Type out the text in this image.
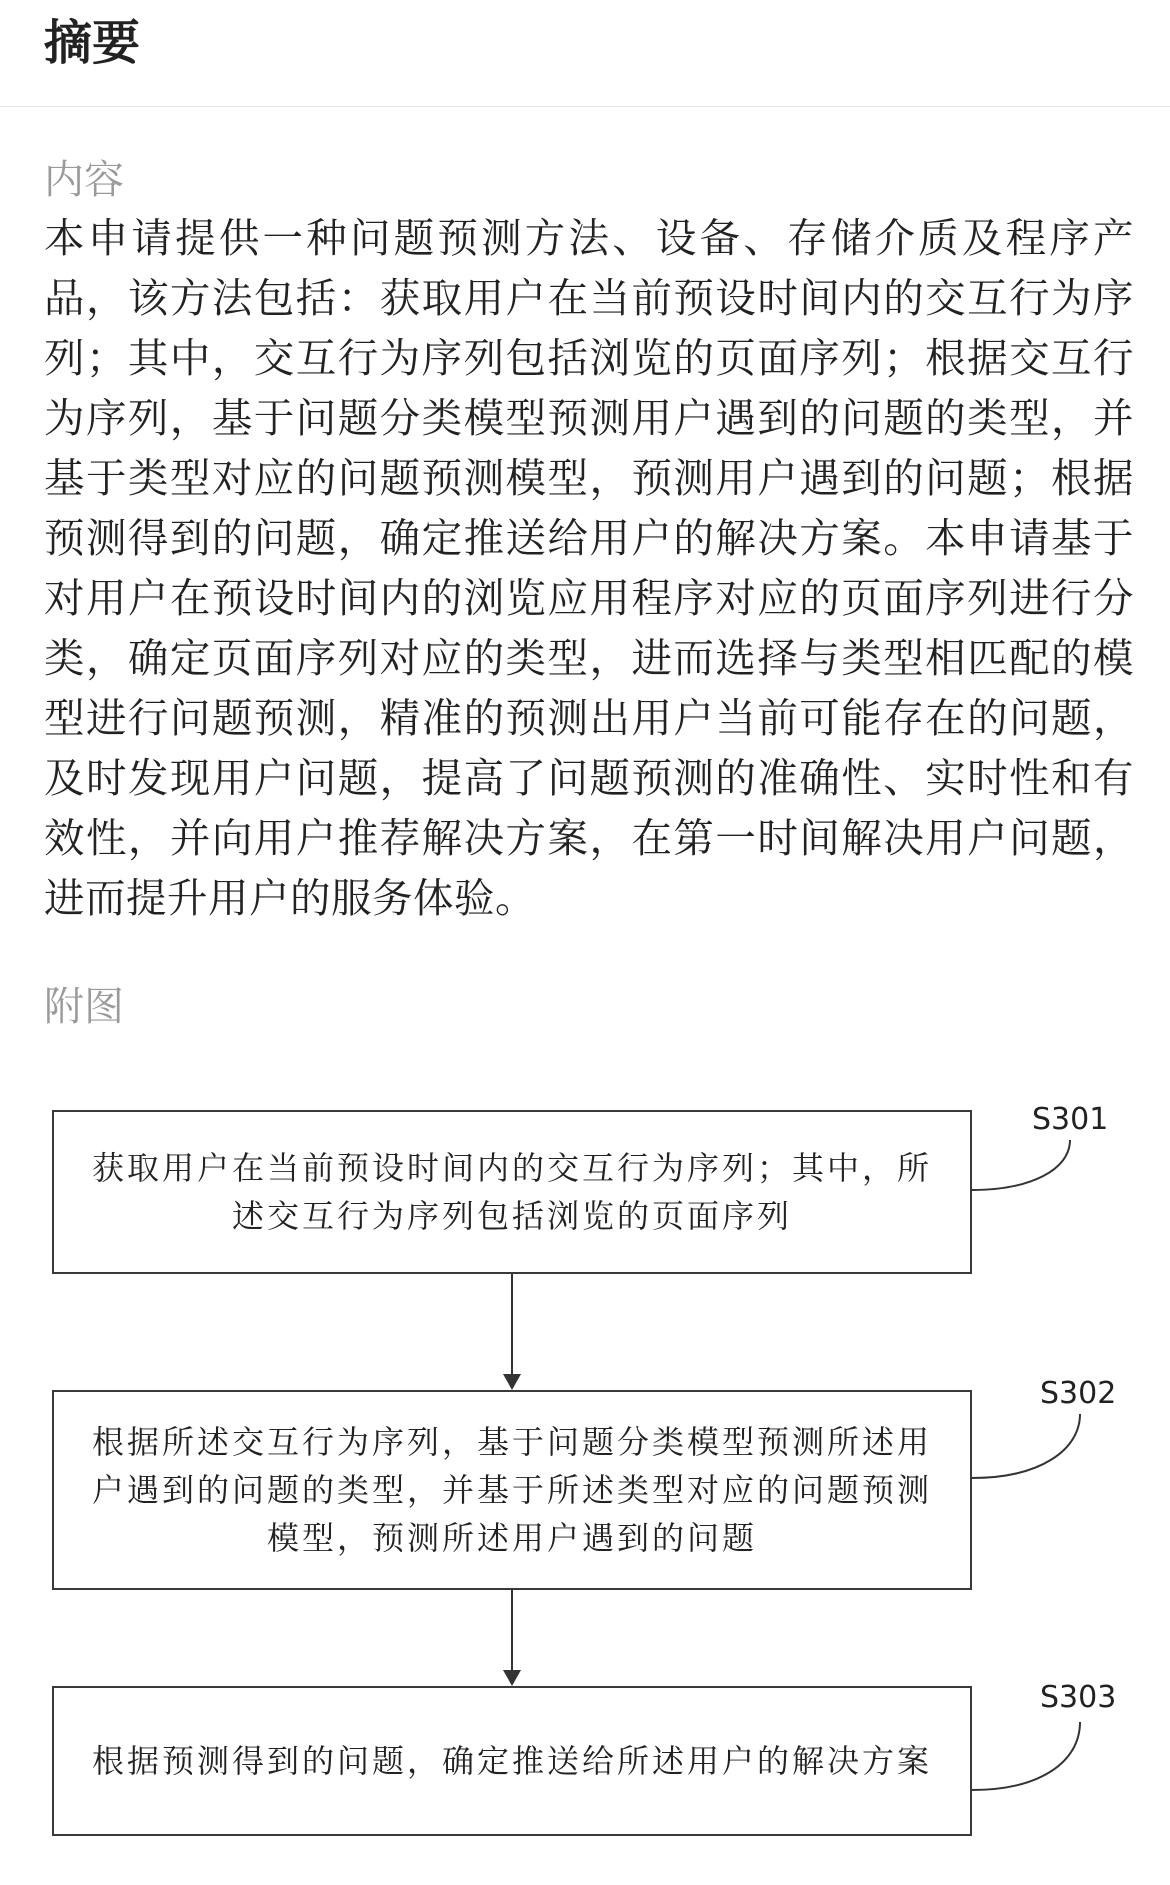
摘要
内容
本申请提供一种问题预测方法、设备、存储介质及程序产品，该方法包括：获取用户在当前预设时间内的交互行为序列；其中，交互行为序列包括浏览的页面序列；根据交互行为序列，基于问题分类模型预测用户遇到的问题的类型，并基于类型对应的问题预测模型，预测用户遇到的问题；根据预测得到的问题，确定推送给用户的解决方案。本申请基于对用户在预设时间内的浏览应用程序对应的页面序列进行分类，确定页面序列对应的类型，进而选择与类型相匹配的模型进行问题预测，精准的预测出用户当前可能存在的问题，及时发现用户问题，提高了问题预测的准确性、实时性和有效性，并向用户推荐解决方案，在第一时间解决用户问题，进而提升用户的服务体验。
附图
获取用户在当前预设时间内的交互行为序列；其中，所述交互行为序列包括浏览的页面序列
S301
根据所述交互行为序列，基于问题分类模型预测所述用户遇到的问题的类型，并基于所述类型对应的问题预测模型，预测所述用户遇到的问题
S302
根据预测得到的问题，确定推送给所述用户的解决方案
S303
